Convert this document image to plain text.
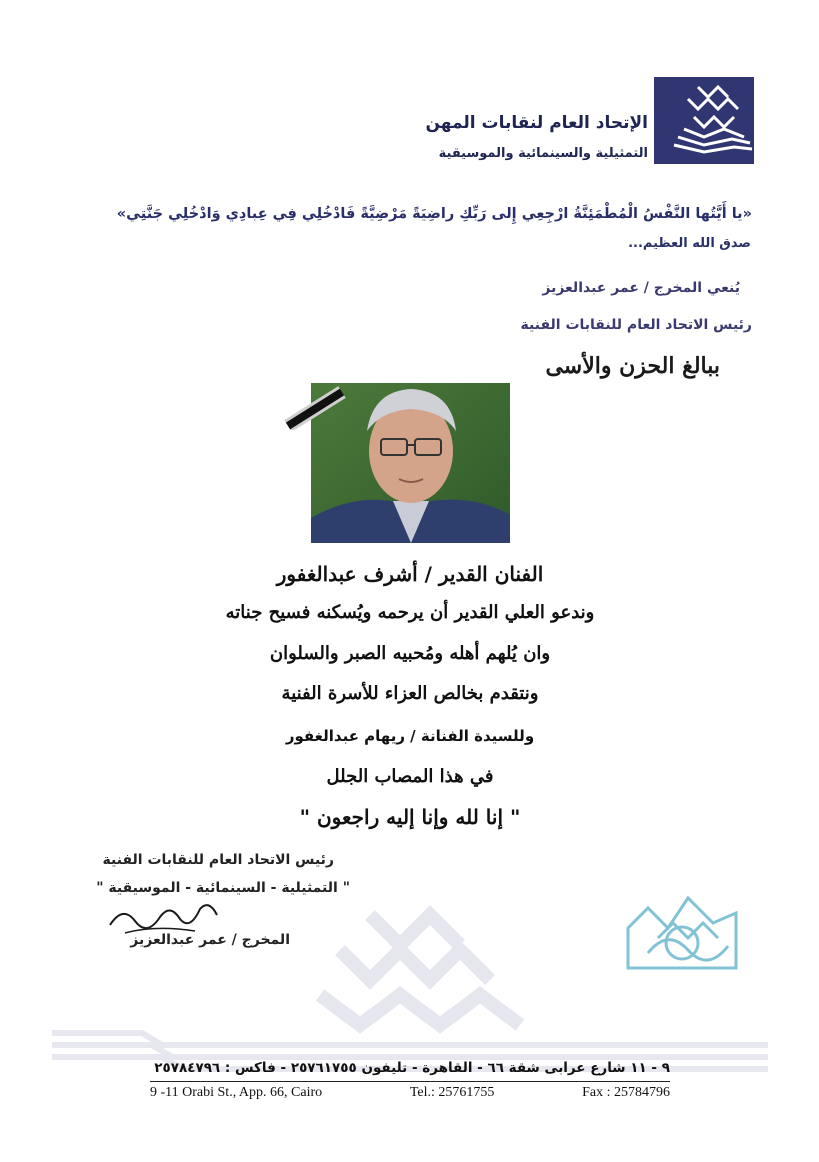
الإتحاد العام لنقابات المهن
التمثيلية والسينمائية والموسيقية
«يا أَيَّتُها النَّفْسُ الْمُطْمَئِنَّةُ ارْجِعِي إِلى رَبِّكِ راضِيَةً مَرْضِيَّةً فَادْخُلِي فِي عِبادِي وَادْخُلِي جَنَّتِي»
صدق الله العظيم...
يُنعي المخرج / عمر عبدالعزيز
رئيس الاتحاد العام للنقابات الفنية
ببالغ الحزن والأسى
الفنان القدير / أشرف عبدالغفور
وندعو العلي القدير أن يرحمه ويُسكنه فسيح جناته
وان يُلهم أهله ومُحبيه الصبر والسلوان
ونتقدم بخالص العزاء للأسرة الفنية
وللسيدة الفنانة / ريهام عبدالغفور
في هذا المصاب الجلل
" إنا لله وإنا إليه راجعون "
رئيس الاتحاد العام للنقابات الفنية
" التمثيلية - السينمائية - الموسيقية "
المخرج / عمر عبدالعزيز
٩ - ١١ شارع عرابى شقة ٦٦ - القاهرة - تليفون ٢٥٧٦١٧٥٥ - فاكس : ٢٥٧٨٤٧٩٦
9 -11 Orabi St., App. 66, Cairo	Tel.: 25761755	Fax : 25784796
